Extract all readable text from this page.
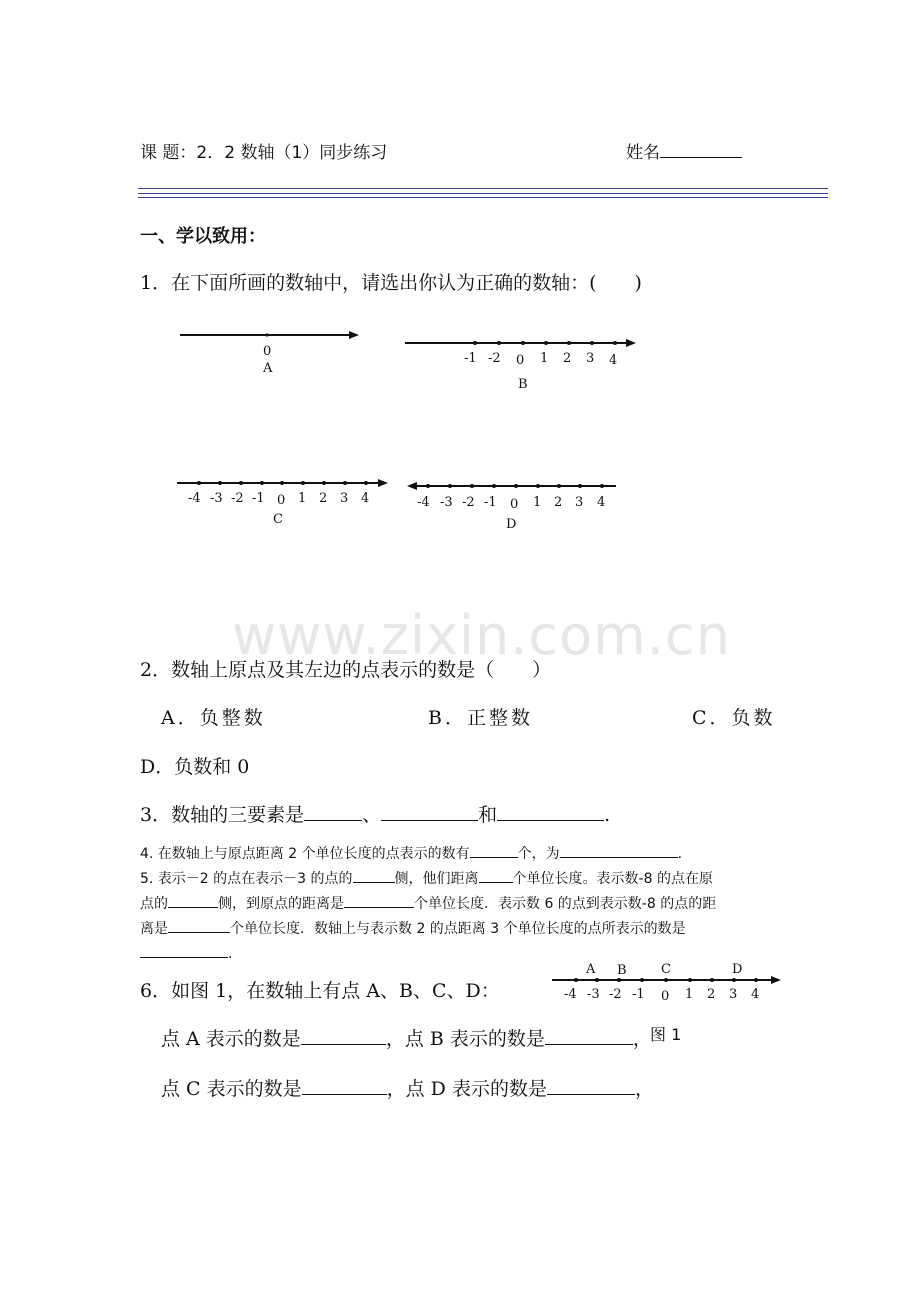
课 题：2．2 数轴（1）同步练习	姓名
一、学以致用：
1．在下面所画的数轴中，请选出你认为正确的数轴：(　　)
0
A
-1 -2 0 1 2 3 4
B
-4 -3 -2 -1 0 1 2 3 4
C
-4 -3 -2 -1 0 1 2 3 4
D
www.zixin.com.cn
2．数轴上原点及其左边的点表示的数是（　　）
A．负整数	B．正整数	C．负数
D．负数和 0
3．数轴的三要素是	、	和	.
4. 在数轴上与原点距离 2 个单位长度的点表示的数有	个，为	.
5. 表示－2 的点在表示－3 的点的	侧，他们距离 个单位长度。表示数-8 的点在原
点的	侧，到原点的距离是	个单位长度．表示数 6 的点到表示数-8 的点的距
离是	个单位长度．数轴上与表示数 2 的点距离 3 个单位长度的点所表示的数是
.
6．如图 1，在数轴上有点 A、B、C、D：
A B	C	D
-4 -3 -2 -1 0 1 2 3 4
点 A 表示的数是	，点 B 表示的数是	，
图 1
点 C 表示的数是	，点 D 表示的数是	，
